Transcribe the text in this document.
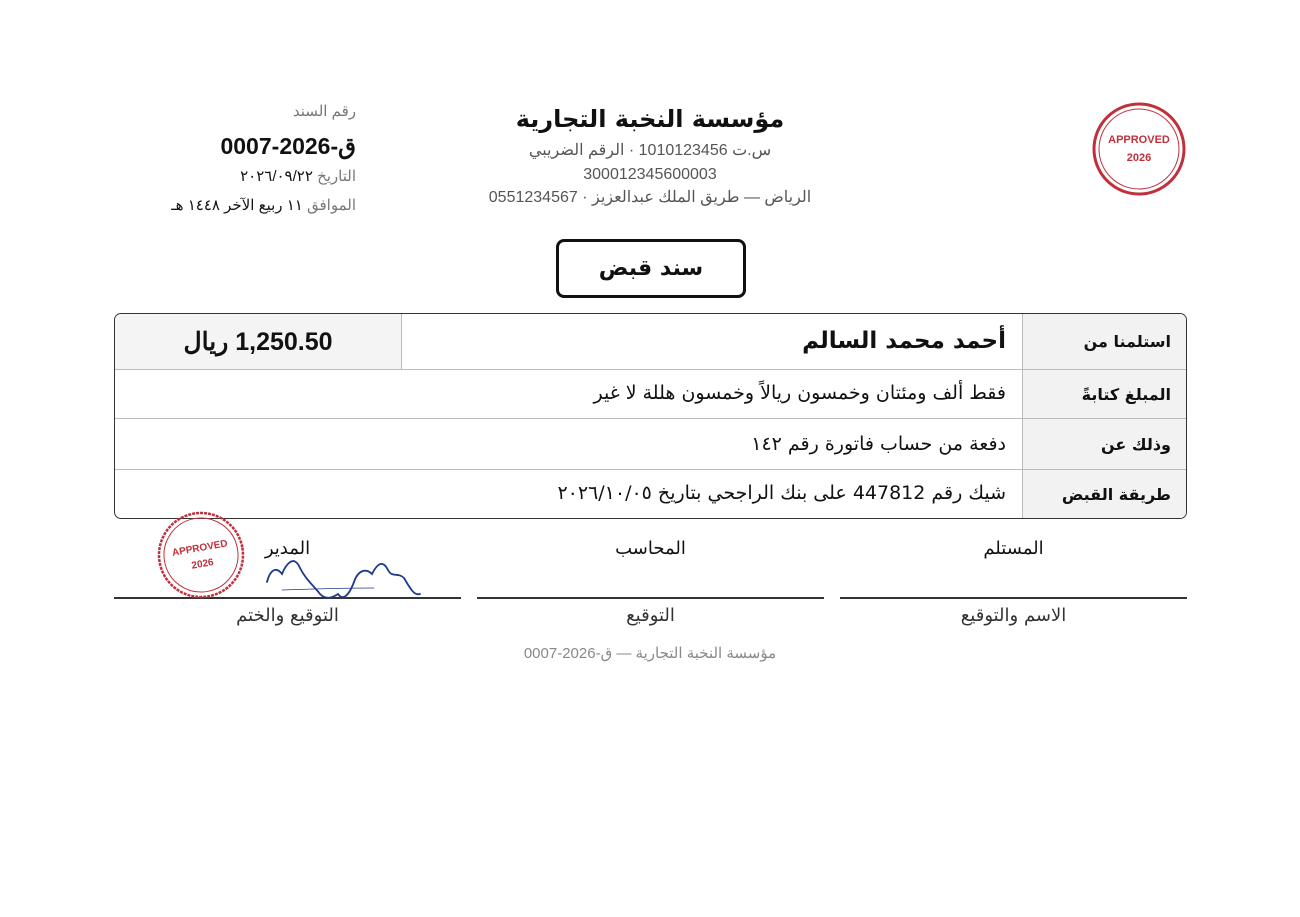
APPROVED
2026
مؤسسة النخبة التجارية
س.ت 1010123456 · الرقم الضريبي 300012345600003
الرياض — طريق الملك عبدالعزيز · 0551234567
رقم السند
ق-2026-0007
التاريخ ٢٠٢٦/٠٩/٢٢
الموافق ١١ ربيع الآخر ١٤٤٨ هـ
سند قبض
استلمنا من
أحمد محمد السالم
1,250.50 ريال
المبلغ كتابةً
فقط ألف ومئتان وخمسون ريالاً وخمسون هللة لا غير
وذلك عن
دفعة من حساب فاتورة رقم ١٤٢
طريقة القبض
شيك رقم 447812 على بنك الراجحي بتاريخ ٢٠٢٦/١٠/٠٥
المستلم
الاسم والتوقيع
المحاسب
التوقيع
المدير
التوقيع والختم
APPROVED
2026
مؤسسة النخبة التجارية — ق-2026-0007
